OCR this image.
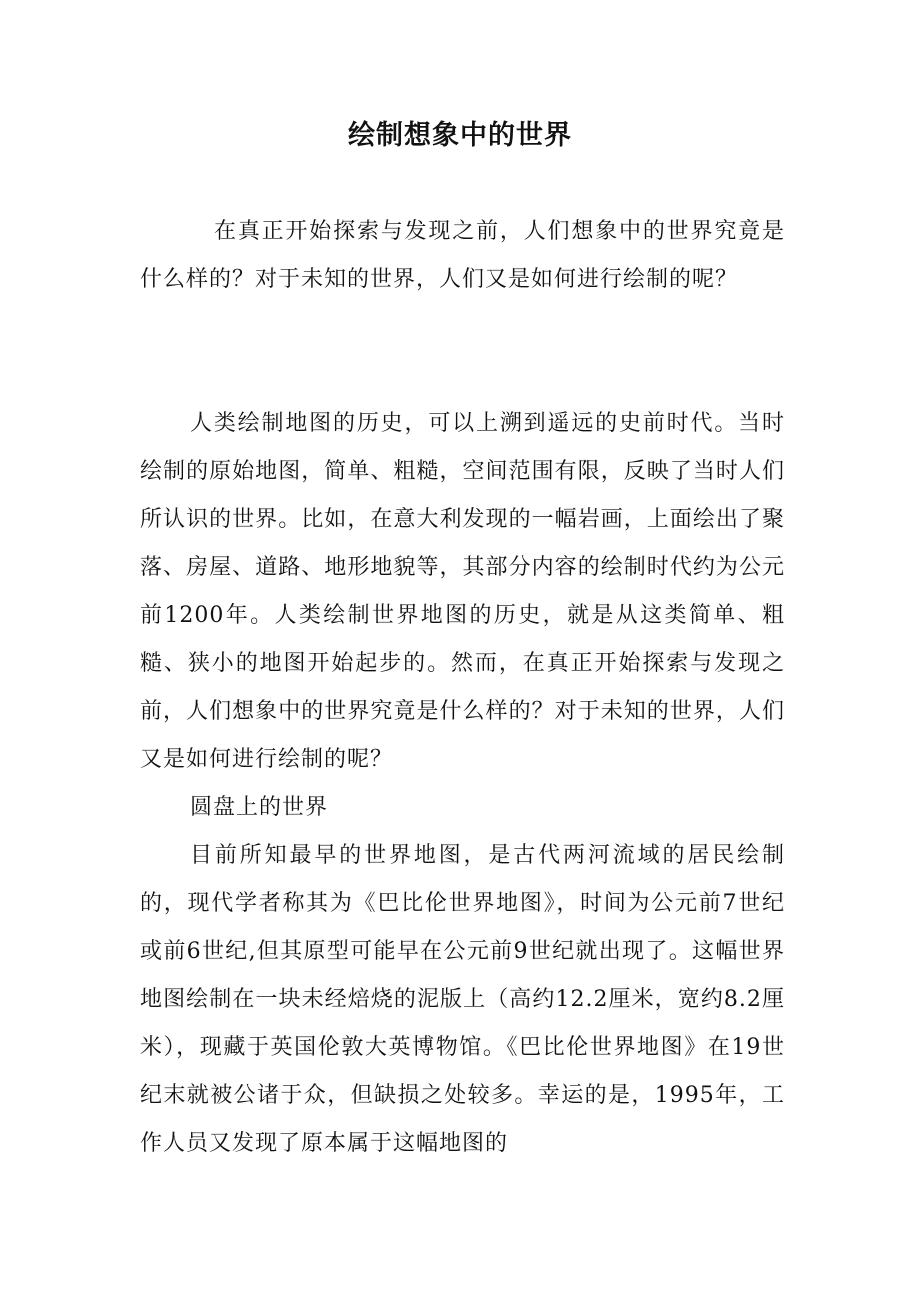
绘制想象中的世界
在真正开始探索与发现之前，人们想象中的世界究竟是什么样的？对于未知的世界，人们又是如何进行绘制的呢？

人类绘制地图的历史，可以上溯到遥远的史前时代。当时绘制的原始地图，简单、粗糙，空间范围有限，反映了当时人们所认识的世界。比如，在意大利发现的一幅岩画，上面绘出了聚落、房屋、道路、地形地貌等，其部分内容的绘制时代约为公元前1200年。人类绘制世界地图的历史，就是从这类简单、粗糙、狭小的地图开始起步的。然而，在真正开始探索与发现之前，人们想象中的世界究竟是什么样的？对于未知的世界，人们又是如何进行绘制的呢？

圆盘上的世界

目前所知最早的世界地图，是古代两河流域的居民绘制的，现代学者称其为《巴比伦世界地图》，时间为公元前7世纪或前6世纪,但其原型可能早在公元前9世纪就出现了。这幅世界地图绘制在一块未经焙烧的泥版上（高约12.2厘米，宽约8.2厘米），现藏于英国伦敦大英博物馆。《巴比伦世界地图》在19世纪末就被公诸于众，但缺损之处较多。幸运的是，1995年，工作人员又发现了原本属于这幅地图的
